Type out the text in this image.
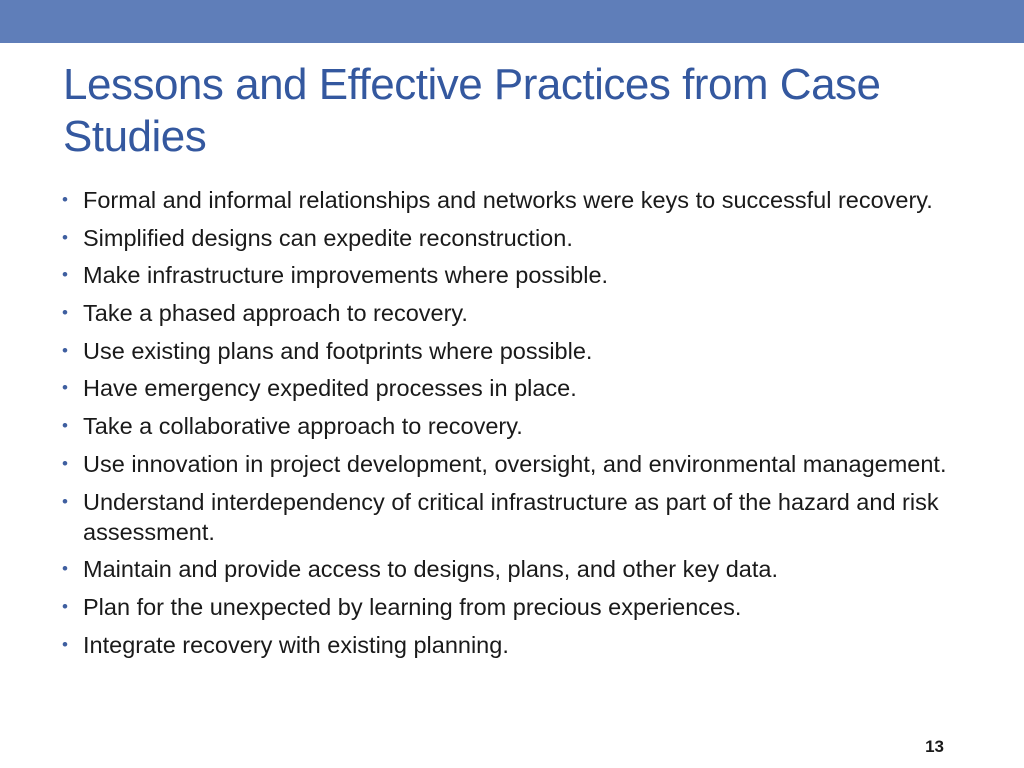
Lessons and Effective Practices from Case Studies
• Formal and informal relationships and networks were keys to successful recovery.
• Simplified designs can expedite reconstruction.
• Make infrastructure improvements where possible.
• Take a phased approach to recovery.
• Use existing plans and footprints where possible.
• Have emergency expedited processes in place.
• Take a collaborative approach to recovery.
• Use innovation in project development, oversight, and environmental management.
• Understand interdependency of critical infrastructure as part of the hazard and risk assessment.
• Maintain and provide access to designs, plans, and other key data.
• Plan for the unexpected by learning from precious experiences.
• Integrate recovery with existing planning.
13
